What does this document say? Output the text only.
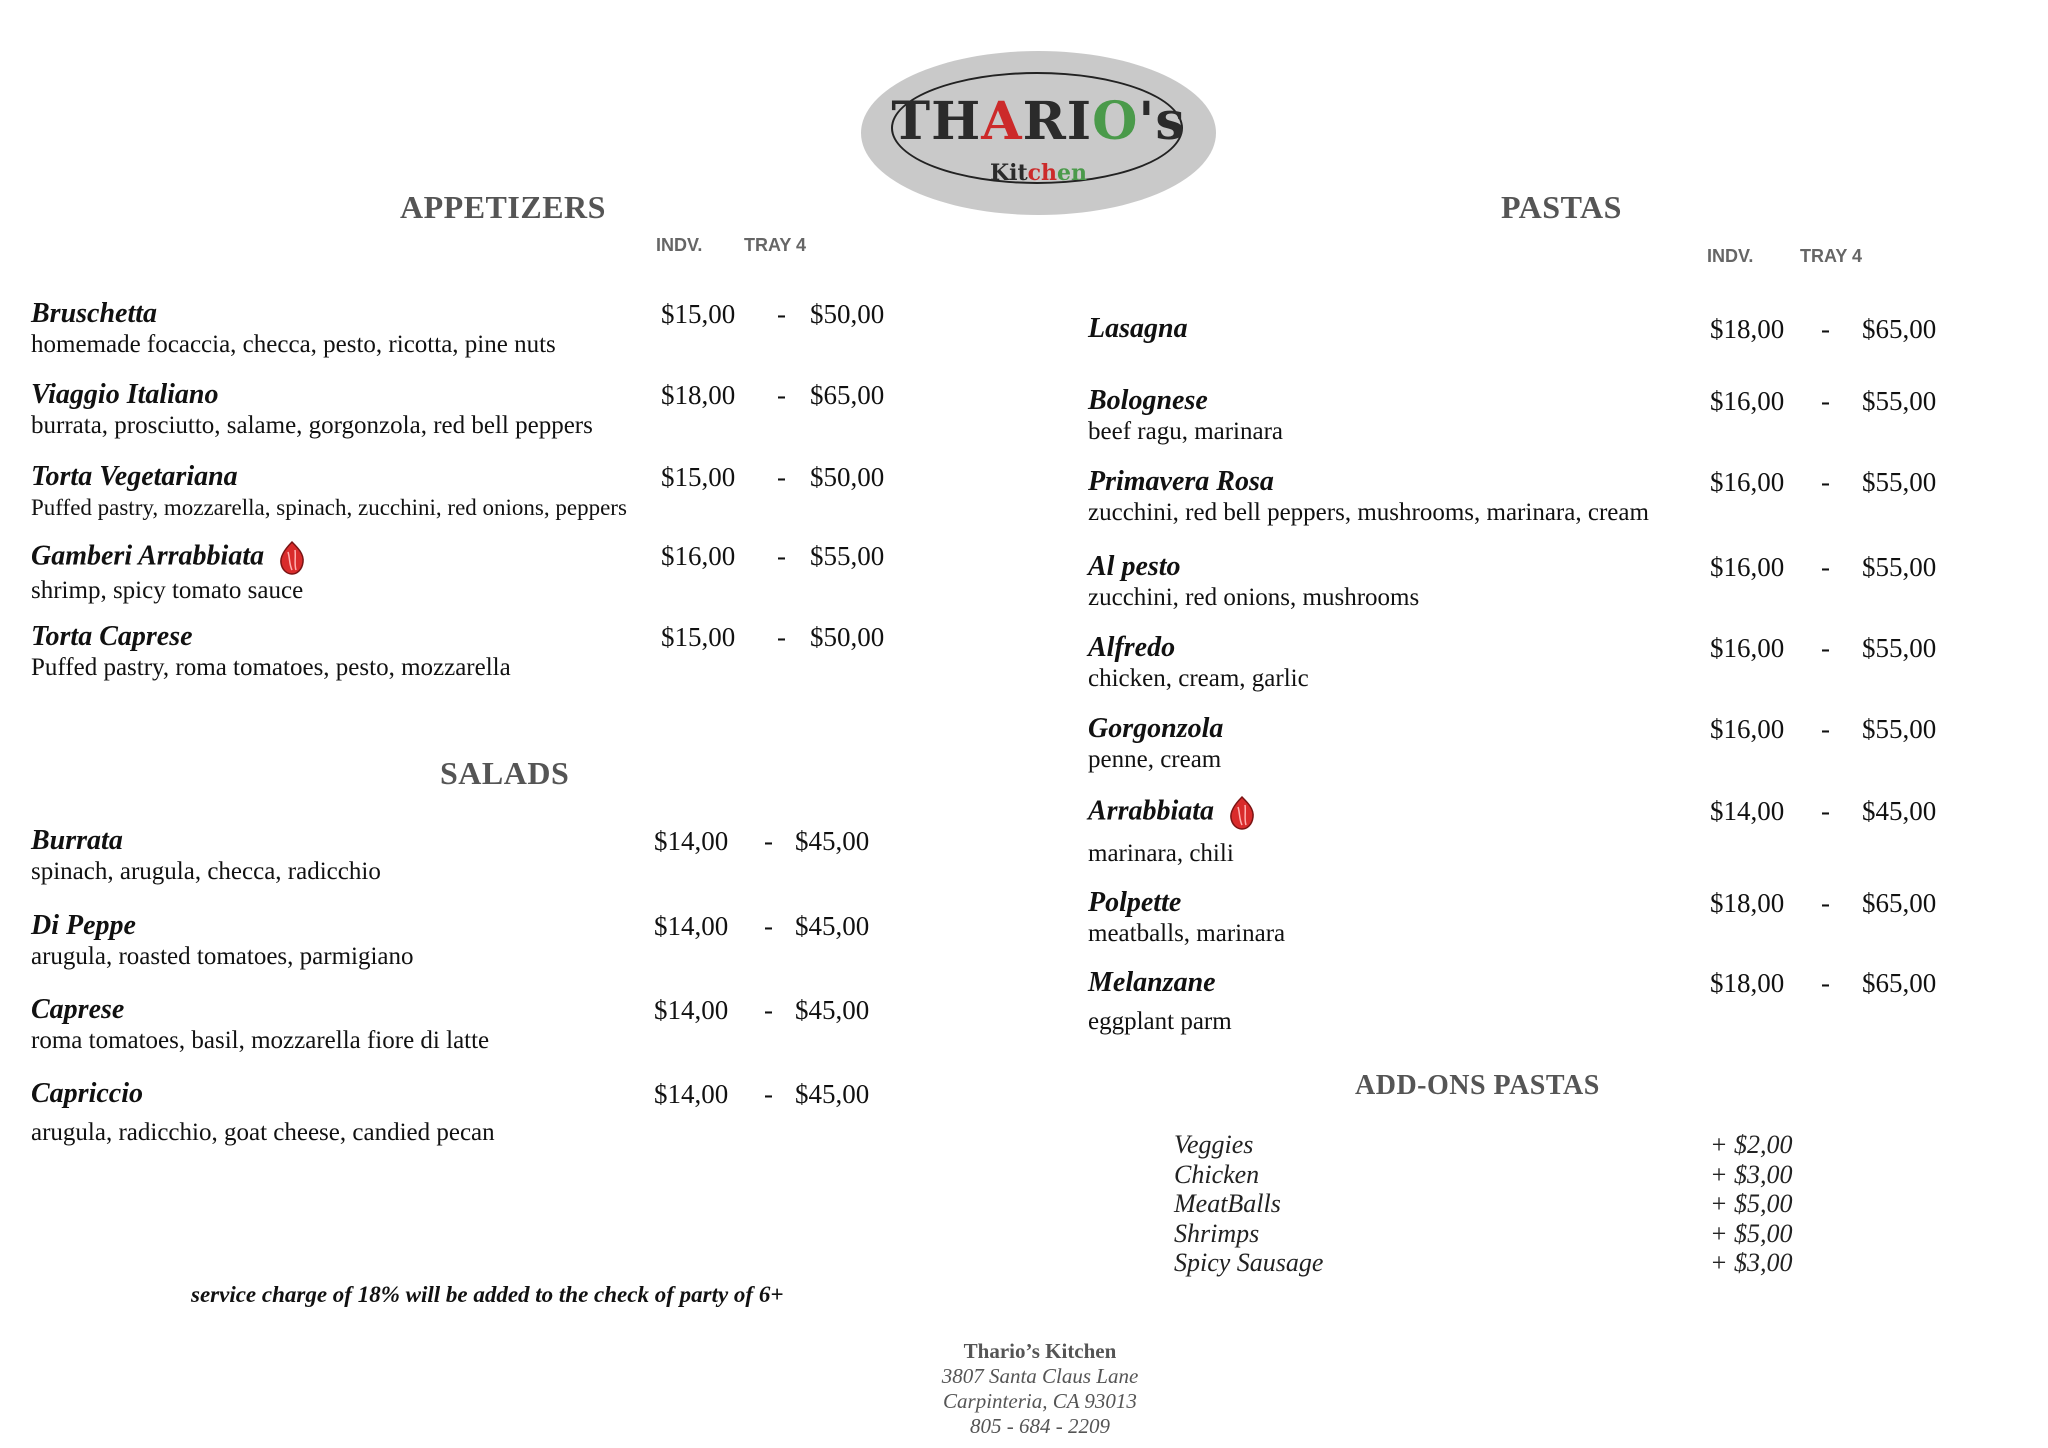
THARIO's
Kitchen
APPETIZERS
INDV. TRAY 4
SALADS
PASTAS
INDV.	TRAY 4
Bruschetta
homemade focaccia, checca, pesto, ricotta, pine nuts
$15,00 - $50,00
Viaggio Italiano
burrata, prosciutto, salame, gorgonzola, red bell peppers
$18,00 - $65,00
Torta Vegetariana
Puffed pastry, mozzarella, spinach, zucchini, red onions, peppers
$15,00 - $50,00
Gamberi Arrabbiata
shrimp, spicy tomato sauce
$16,00 - $55,00
Torta Caprese
Puffed pastry, roma tomatoes, pesto, mozzarella
$15,00 - $50,00
Burrata
spinach, arugula, checca, radicchio
$14,00 - $45,00
Di Peppe
arugula, roasted tomatoes, parmigiano
$14,00 - $45,00
Caprese
roma tomatoes, basil, mozzarella fiore di latte
$14,00 - $45,00
Capriccio
arugula, radicchio, goat cheese, candied pecan
$14,00 - $45,00
Lasagna	$18,00 - $65,00
Bolognese
beef ragu, marinara
$16,00 - $55,00
Primavera Rosa
zucchini, red bell peppers, mushrooms, marinara, cream
$16,00 - $55,00
Al pesto
zucchini, red onions, mushrooms
$16,00 - $55,00
Alfredo
chicken, cream, garlic
$16,00 - $55,00
Gorgonzola
penne, cream
$16,00 - $55,00
Arrabbiata
marinara, chili
$14,00 - $45,00
Polpette
meatballs, marinara
$18,00 - $65,00
Melanzane
eggplant parm
$18,00 - $65,00
ADD-ONS PASTAS
Veggies	+ $2,00
Chicken	+ $3,00
MeatBalls	+ $5,00
Shrimps	+ $5,00
Spicy Sausage	+ $3,00
service charge of 18% will be added to the check of party of 6+
Thario’s Kitchen
3807 Santa Claus Lane
Carpinteria, CA 93013
805 - 684 - 2209
